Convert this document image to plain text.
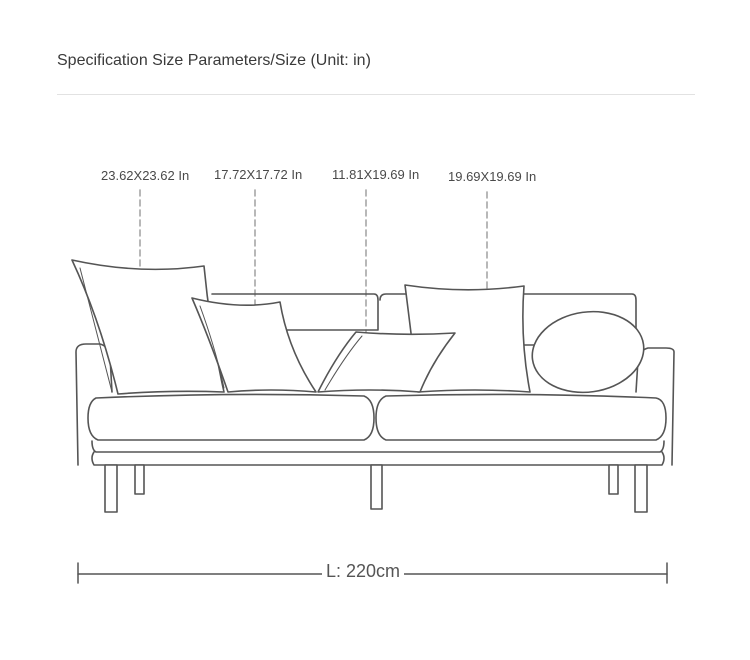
Specification Size Parameters/Size (Unit: in)
23.62X23.62 In 17.72X17.72 In 11.81X19.69 In 19.69X19.69 In
L: 220cm
